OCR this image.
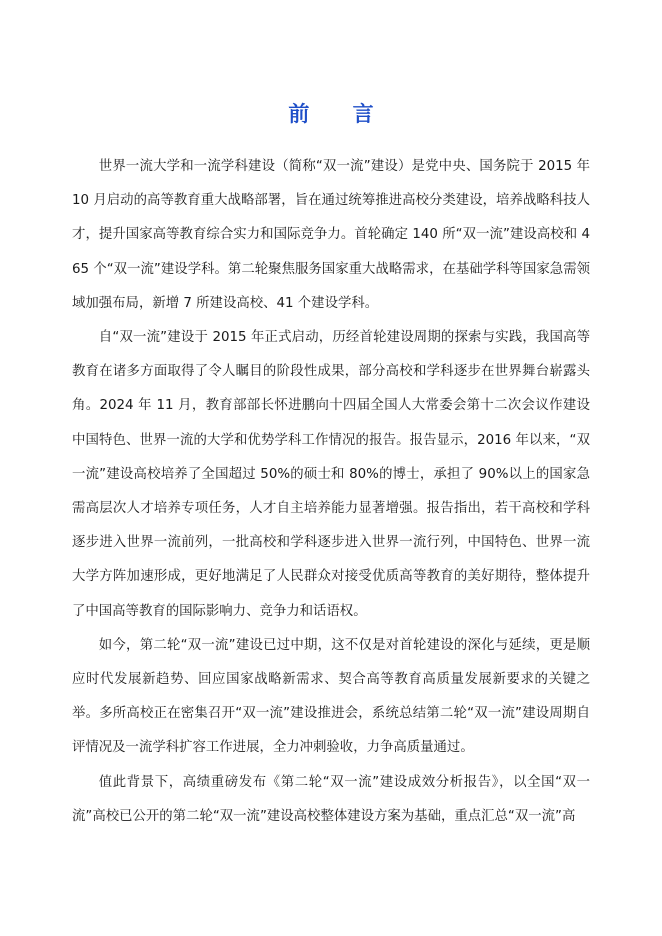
前 言

世界一流大学和一流学科建设（简称“双一流”建设）是党中央、国务院于 2015 年 10 月启动的高等教育重大战略部署，旨在通过统筹推进高校分类建设，培养战略科技人才，提升国家高等教育综合实力和国际竞争力。首轮确定 140 所“双一流”建设高校和 465 个“双一流”建设学科。第二轮聚焦服务国家重大战略需求，在基础学科等国家急需领域加强布局，新增 7 所建设高校、41 个建设学科。

自“双一流”建设于 2015 年正式启动，历经首轮建设周期的探索与实践，我国高等教育在诸多方面取得了令人瞩目的阶段性成果，部分高校和学科逐步在世界舞台崭露头角。2024 年 11 月，教育部部长怀进鹏向十四届全国人大常委会第十二次会议作建设中国特色、世界一流的大学和优势学科工作情况的报告。报告显示，2016 年以来，“双一流”建设高校培养了全国超过 50%的硕士和 80%的博士，承担了 90%以上的国家急需高层次人才培养专项任务，人才自主培养能力显著增强。报告指出，若干高校和学科逐步进入世界一流前列，一批高校和学科逐步进入世界一流行列，中国特色、世界一流大学方阵加速形成，更好地满足了人民群众对接受优质高等教育的美好期待，整体提升了中国高等教育的国际影响力、竞争力和话语权。

如今，第二轮“双一流”建设已过中期，这不仅是对首轮建设的深化与延续，更是顺应时代发展新趋势、回应国家战略新需求、契合高等教育高质量发展新要求的关键之举。多所高校正在密集召开“双一流”建设推进会，系统总结第二轮“双一流”建设周期自评情况及一流学科扩容工作进展，全力冲刺验收，力争高质量通过。

值此背景下，高绩重磅发布《第二轮“双一流”建设成效分析报告》，以全国“双一流”高校已公开的第二轮“双一流”建设高校整体建设方案为基础，重点汇总“双一流”高
